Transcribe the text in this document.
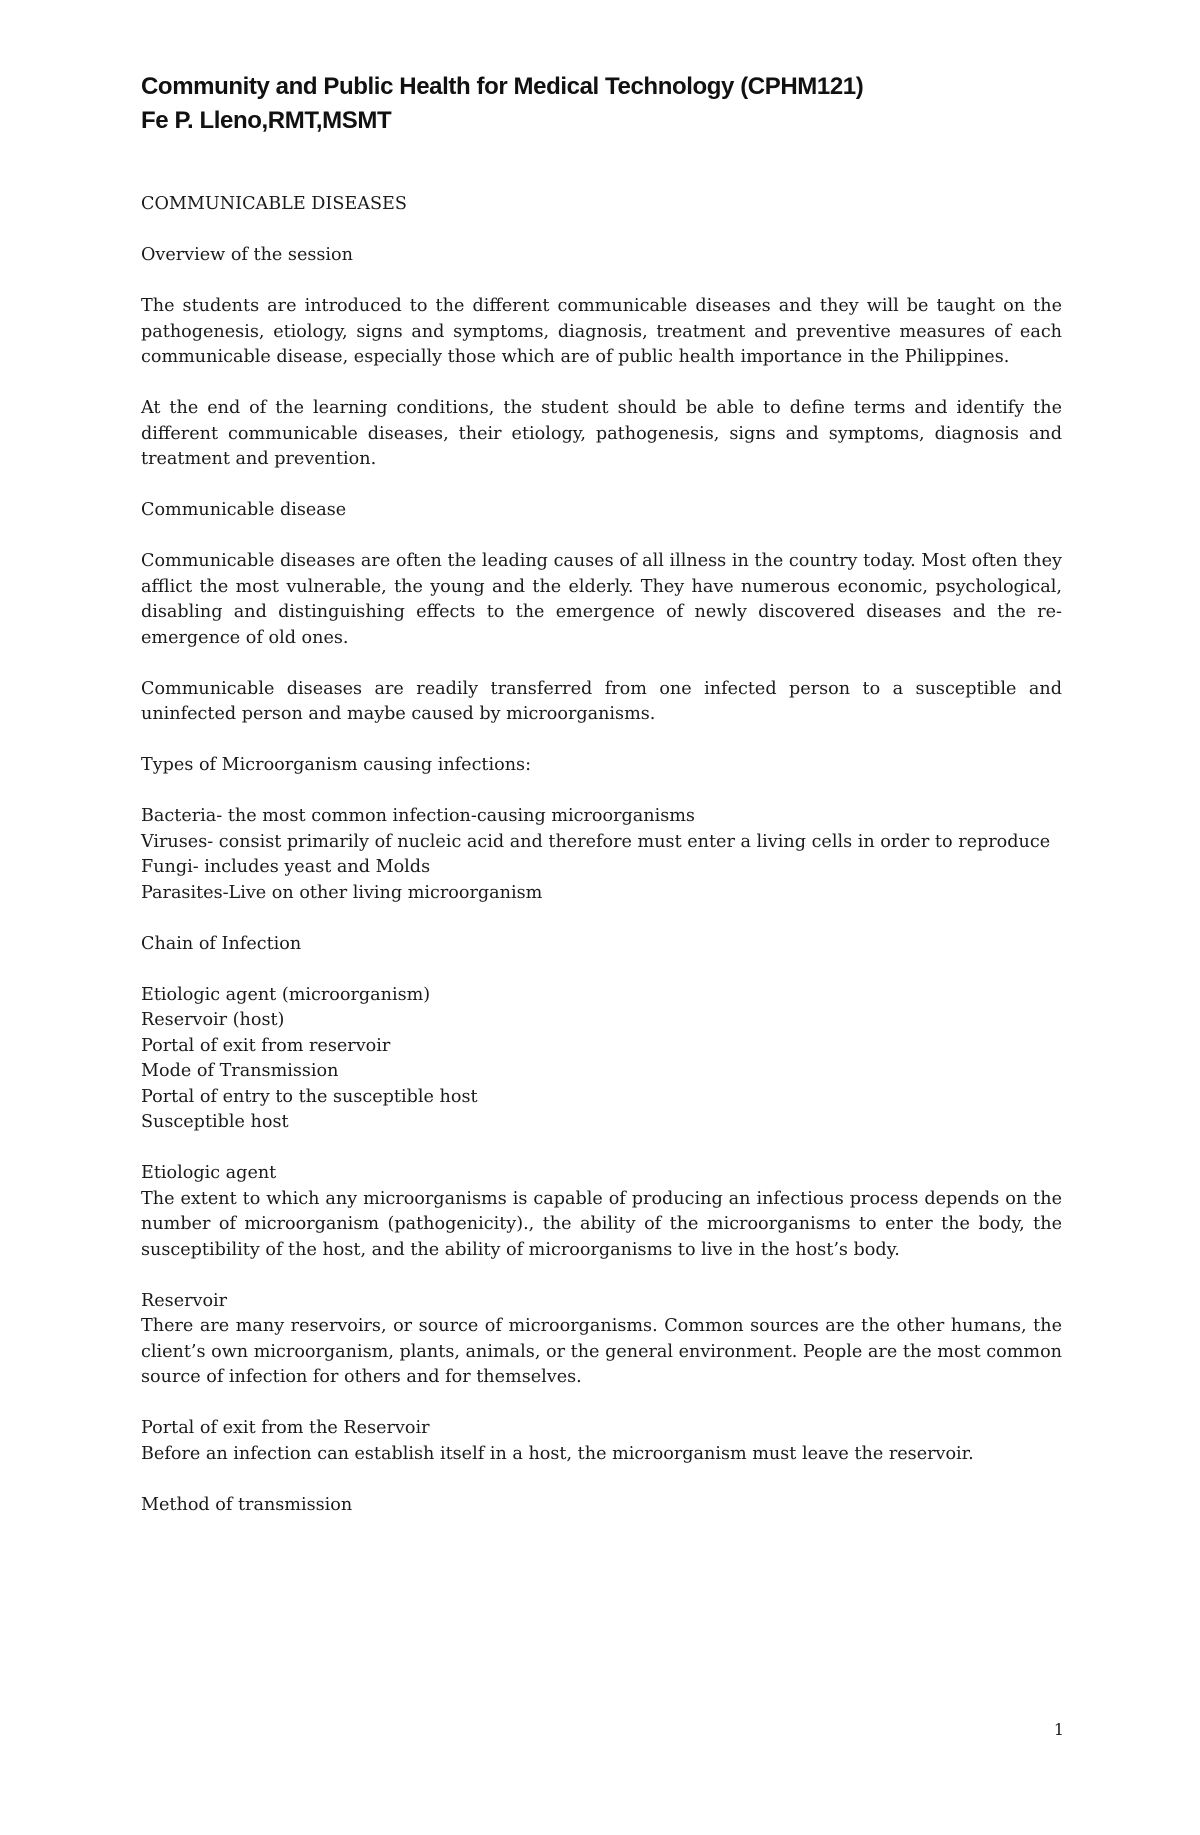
Community and Public Health for Medical Technology (CPHM121)
Fe P. Lleno,RMT,MSMT

COMMUNICABLE DISEASES

Overview of the session

The students are introduced to the different communicable diseases and they will be taught on the pathogenesis, etiology, signs and symptoms, diagnosis, treatment and preventive measures of each communicable disease, especially those which are of public health importance in the Philippines.

At the end of the learning conditions, the student should be able to define terms and identify the different communicable diseases, their etiology, pathogenesis, signs and symptoms, diagnosis and treatment and prevention.

Communicable disease

Communicable diseases are often the leading causes of all illness in the country today. Most often they afflict the most vulnerable, the young and the elderly. They have numerous economic, psychological, disabling and distinguishing effects to the emergence of newly discovered diseases and the re-emergence of old ones.

Communicable diseases are readily transferred from one infected person to a susceptible and uninfected person and maybe caused by microorganisms.

Types of Microorganism causing infections:

Bacteria- the most common infection-causing microorganisms
Viruses- consist primarily of nucleic acid and therefore must enter a living cells in order to reproduce
Fungi- includes yeast and Molds
Parasites-Live on other living microorganism

Chain of Infection

Etiologic agent (microorganism)
Reservoir (host)
Portal of exit from reservoir
Mode of Transmission
Portal of entry to the susceptible host
Susceptible host
Etiologic agent
The extent to which any microorganisms is capable of producing an infectious process depends on the number of microorganism (pathogenicity)., the ability of the microorganisms to enter the body, the susceptibility of the host, and the ability of microorganisms to live in the host’s body.
Reservoir
There are many reservoirs, or source of microorganisms. Common sources are the other humans, the client’s own microorganism, plants, animals, or the general environment. People are the most common source of infection for others and for themselves.
Portal of exit from the Reservoir
Before an infection can establish itself in a host, the microorganism must leave the reservoir.

Method of transmission

1
